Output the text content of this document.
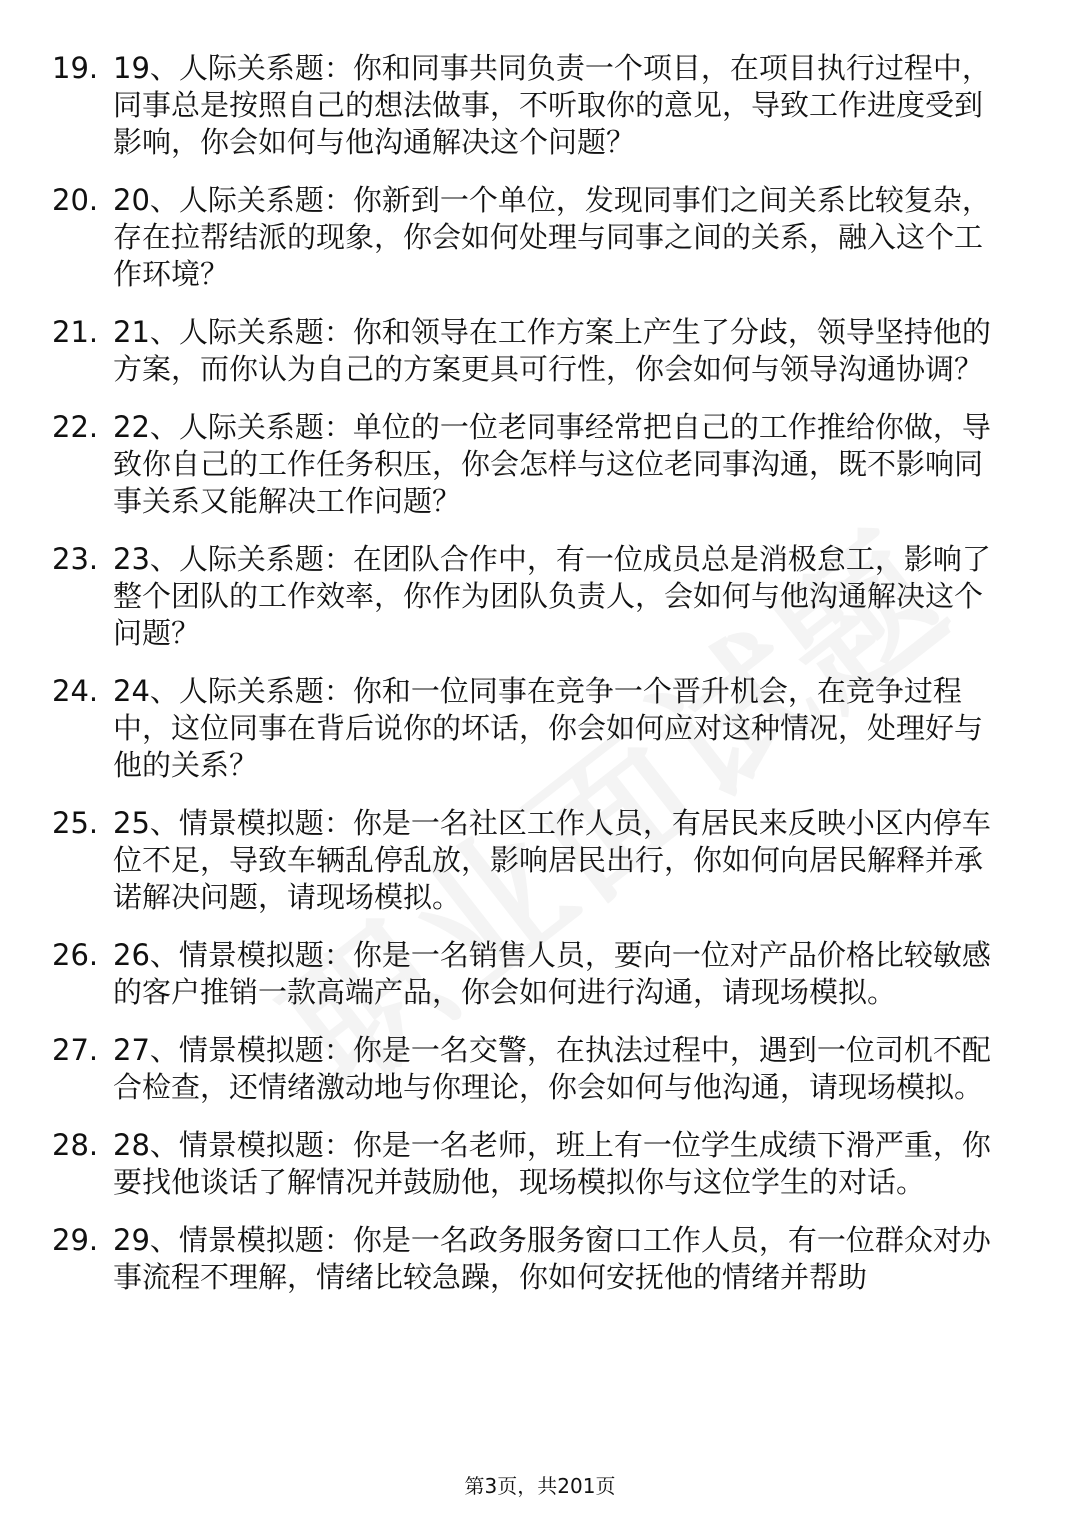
19. 19、人际关系题：你和同事共同负责一个项目，在项目执行过程中，同事总是按照自己的想法做事，不听取你的意见，导致工作进度受到影响，你会如何与他沟通解决这个问题？
20. 20、人际关系题：你新到一个单位，发现同事们之间关系比较复杂，存在拉帮结派的现象，你会如何处理与同事之间的关系，融入这个工作环境？
21. 21、人际关系题：你和领导在工作方案上产生了分歧，领导坚持他的方案，而你认为自己的方案更具可行性，你会如何与领导沟通协调？
22. 22、人际关系题：单位的一位老同事经常把自己的工作推给你做，导致你自己的工作任务积压，你会怎样与这位老同事沟通，既不影响同事关系又能解决工作问题？
23. 23、人际关系题：在团队合作中，有一位成员总是消极怠工，影响了整个团队的工作效率，你作为团队负责人，会如何与他沟通解决这个问题？
24. 24、人际关系题：你和一位同事在竞争一个晋升机会，在竞争过程中，这位同事在背后说你的坏话，你会如何应对这种情况，处理好与他的关系？
25. 25、情景模拟题：你是一名社区工作人员，有居民来反映小区内停车位不足，导致车辆乱停乱放，影响居民出行，你如何向居民解释并承诺解决问题，请现场模拟。
26. 26、情景模拟题：你是一名销售人员，要向一位对产品价格比较敏感的客户推销一款高端产品，你会如何进行沟通，请现场模拟。
27. 27、情景模拟题：你是一名交警，在执法过程中，遇到一位司机不配合检查，还情绪激动地与你理论，你会如何与他沟通，请现场模拟。
28. 28、情景模拟题：你是一名老师，班上有一位学生成绩下滑严重，你要找他谈话了解情况并鼓励他，现场模拟你与这位学生的对话。
29. 29、情景模拟题：你是一名政务服务窗口工作人员，有一位群众对办事流程不理解，情绪比较急躁，你如何安抚他的情绪并帮助
第3页，共201页
